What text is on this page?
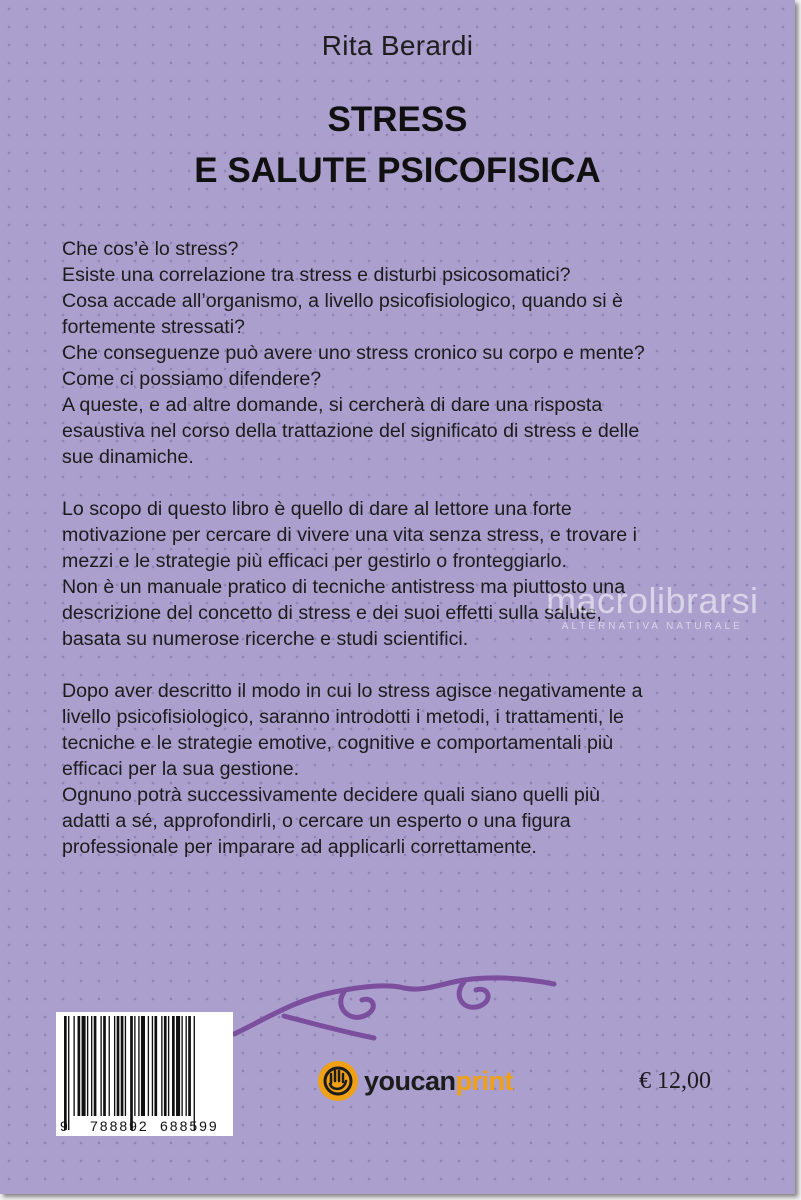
Rita Berardi
STRESS
E SALUTE PSICOFISICA
Che cos’è lo stress?
Esiste una correlazione tra stress e disturbi psicosomatici?
Cosa accade all’organismo, a livello psicofisiologico, quando si è
fortemente stressati?
Che conseguenze può avere uno stress cronico su corpo e mente?
Come ci possiamo difendere?
A queste, e ad altre domande, si cercherà di dare una risposta
esaustiva nel corso della trattazione del significato di stress e delle
sue dinamiche.
Lo scopo di questo libro è quello di dare al lettore una forte
motivazione per cercare di vivere una vita senza stress, e trovare i
mezzi e le strategie più efficaci per gestirlo o fronteggiarlo.
Non è un manuale pratico di tecniche antistress ma piuttosto una
descrizione del concetto di stress e dei suoi effetti sulla salute,
basata su numerose ricerche e studi scientifici.
Dopo aver descritto il modo in cui lo stress agisce negativamente a
livello psicofisiologico, saranno introdotti i metodi, i trattamenti, le
tecniche e le strategie emotive, cognitive e comportamentali più
efficaci per la sua gestione.
Ognuno potrà successivamente decidere quali siano quelli più
adatti a sé, approfondirli, o cercare un esperto o una figura
professionale per imparare ad applicarli correttamente.
macrolibrarsi
ALTERNATIVA NATURALE
9 788892 688599
youcanprint	€ 12,00
